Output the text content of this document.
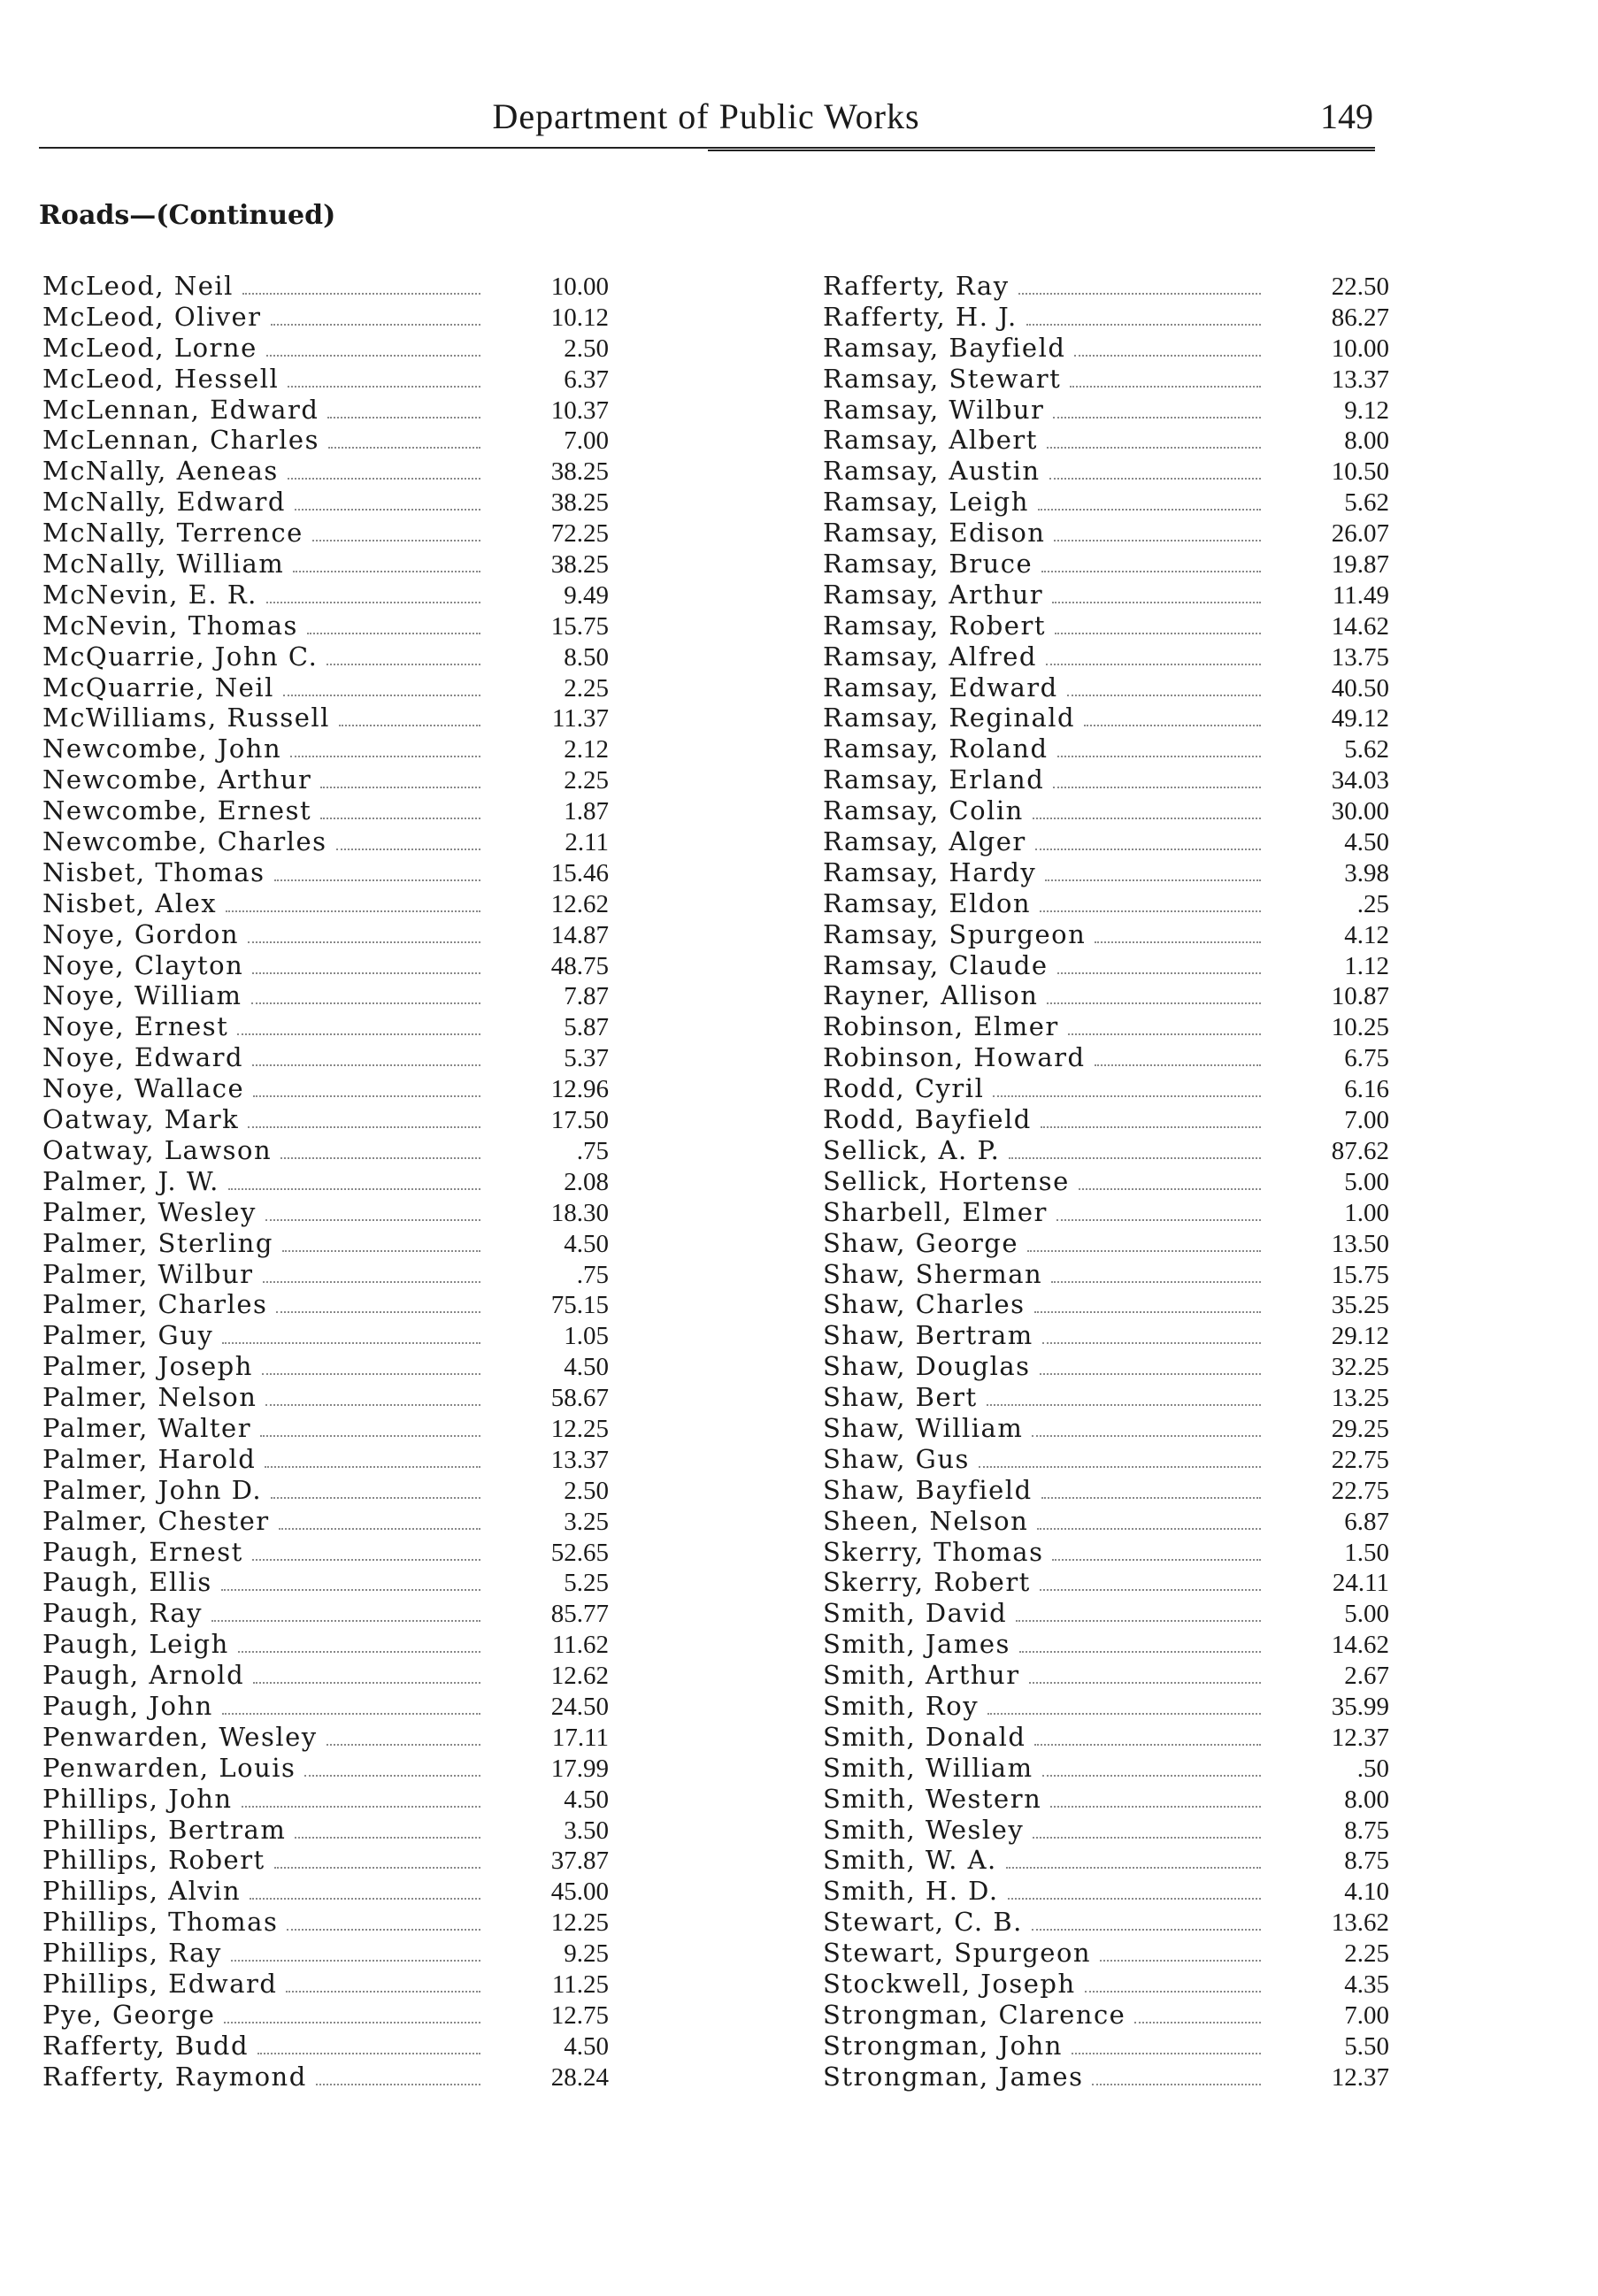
Department of Public Works	149
Roads—(Continued)
McLeod, Neil	10.00
McLeod, Oliver	10.12
McLeod, Lorne	2.50
McLeod, Hessell	6.37
McLennan, Edward	10.37
McLennan, Charles	7.00
McNally, Aeneas	38.25
McNally, Edward	38.25
McNally, Terrence	72.25
McNally, William	38.25
McNevin, E. R.	9.49
McNevin, Thomas	15.75
McQuarrie, John C.	8.50
McQuarrie, Neil	2.25
McWilliams, Russell	11.37
Newcombe, John	2.12
Newcombe, Arthur	2.25
Newcombe, Ernest	1.87
Newcombe, Charles	2.11
Nisbet, Thomas	15.46
Nisbet, Alex	12.62
Noye, Gordon	14.87
Noye, Clayton	48.75
Noye, William	7.87
Noye, Ernest	5.87
Noye, Edward	5.37
Noye, Wallace	12.96
Oatway, Mark	17.50
Oatway, Lawson	.75
Palmer, J. W.	2.08
Palmer, Wesley	18.30
Palmer, Sterling	4.50
Palmer, Wilbur	.75
Palmer, Charles	75.15
Palmer, Guy	1.05
Palmer, Joseph	4.50
Palmer, Nelson	58.67
Palmer, Walter	12.25
Palmer, Harold	13.37
Palmer, John D.	2.50
Palmer, Chester	3.25
Paugh, Ernest	52.65
Paugh, Ellis	5.25
Paugh, Ray	85.77
Paugh, Leigh	11.62
Paugh, Arnold	12.62
Paugh, John	24.50
Penwarden, Wesley	17.11
Penwarden, Louis	17.99
Phillips, John	4.50
Phillips, Bertram	3.50
Phillips, Robert	37.87
Phillips, Alvin	45.00
Phillips, Thomas	12.25
Phillips, Ray	9.25
Phillips, Edward	11.25
Pye, George	12.75
Rafferty, Budd	4.50
Rafferty, Raymond	28.24
Rafferty, Ray	22.50
Rafferty, H. J.	86.27
Ramsay, Bayfield	10.00
Ramsay, Stewart	13.37
Ramsay, Wilbur	9.12
Ramsay, Albert	8.00
Ramsay, Austin	10.50
Ramsay, Leigh	5.62
Ramsay, Edison	26.07
Ramsay, Bruce	19.87
Ramsay, Arthur	11.49
Ramsay, Robert	14.62
Ramsay, Alfred	13.75
Ramsay, Edward	40.50
Ramsay, Reginald	49.12
Ramsay, Roland	5.62
Ramsay, Erland	34.03
Ramsay, Colin	30.00
Ramsay, Alger	4.50
Ramsay, Hardy	3.98
Ramsay, Eldon	.25
Ramsay, Spurgeon	4.12
Ramsay, Claude	1.12
Rayner, Allison	10.87
Robinson, Elmer	10.25
Robinson, Howard	6.75
Rodd, Cyril	6.16
Rodd, Bayfield	7.00
Sellick, A. P.	87.62
Sellick, Hortense	5.00
Sharbell, Elmer	1.00
Shaw, George	13.50
Shaw, Sherman	15.75
Shaw, Charles	35.25
Shaw, Bertram	29.12
Shaw, Douglas	32.25
Shaw, Bert	13.25
Shaw, William	29.25
Shaw, Gus	22.75
Shaw, Bayfield	22.75
Sheen, Nelson	6.87
Skerry, Thomas	1.50
Skerry, Robert	24.11
Smith, David	5.00
Smith, James	14.62
Smith, Arthur	2.67
Smith, Roy	35.99
Smith, Donald	12.37
Smith, William	.50
Smith, Western	8.00
Smith, Wesley	8.75
Smith, W. A.	8.75
Smith, H. D.	4.10
Stewart, C. B.	13.62
Stewart, Spurgeon	2.25
Stockwell, Joseph	4.35
Strongman, Clarence	7.00
Strongman, John	5.50
Strongman, James	12.37
